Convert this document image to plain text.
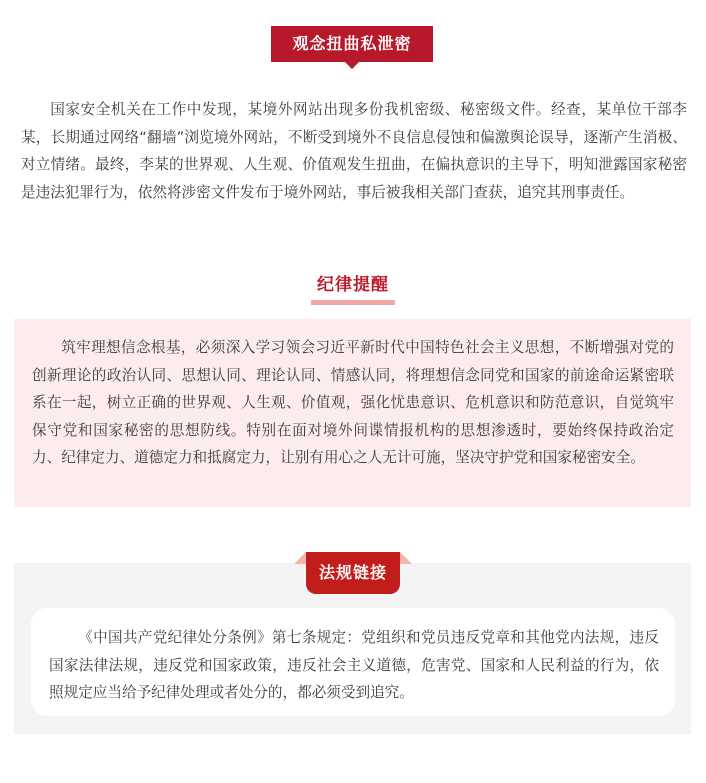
观念扭曲私泄密

国家安全机关在工作中发现，某境外网站出现多份我机密级、秘密级文件。经查，某单位干部李某，长期通过网络“翻墙”浏览境外网站，不断受到境外不良信息侵蚀和偏激舆论误导，逐渐产生消极、对立情绪。最终，李某的世界观、人生观、价值观发生扭曲，在偏执意识的主导下，明知泄露国家秘密是违法犯罪行为，依然将涉密文件发布于境外网站，事后被我相关部门查获，追究其刑事责任。

纪律提醒

筑牢理想信念根基，必须深入学习领会习近平新时代中国特色社会主义思想，不断增强对党的创新理论的政治认同、思想认同、理论认同、情感认同，将理想信念同党和国家的前途命运紧密联系在一起，树立正确的世界观、人生观、价值观，强化忧患意识、危机意识和防范意识，自觉筑牢保守党和国家秘密的思想防线。特别在面对境外间谍情报机构的思想渗透时，要始终保持政治定力、纪律定力、道德定力和抵腐定力，让别有用心之人无计可施，坚决守护党和国家秘密安全。

法规链接

《中国共产党纪律处分条例》第七条规定：党组织和党员违反党章和其他党内法规，违反国家法律法规，违反党和国家政策，违反社会主义道德，危害党、国家和人民利益的行为，依照规定应当给予纪律处理或者处分的，都必须受到追究。
